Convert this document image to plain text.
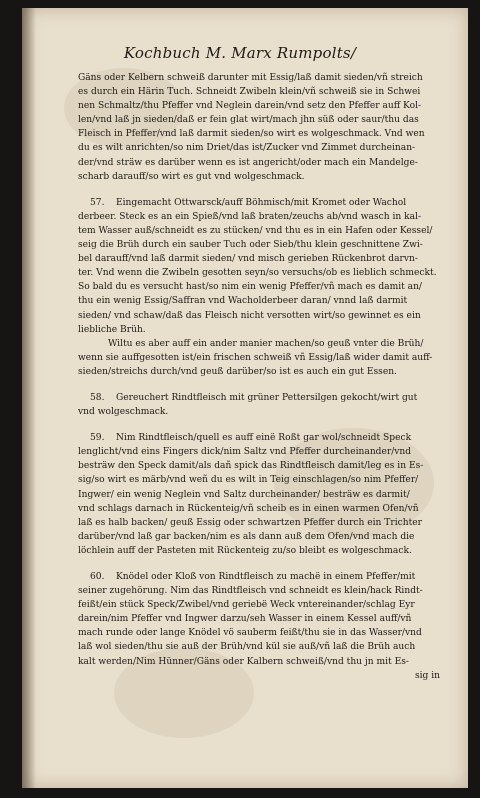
Kochbuch M. Marx Rumpolts/
Gäns oder Kelbern schweiß darunter mit Essig/laß damit sieden/vñ streich
es durch ein Härin Tuch. Schneidt Zwibeln klein/vñ schweiß sie in Schwei
nen Schmaltz/thu Pfeffer vnd Neglein darein/vnd setz den Pfeffer auff Kol-
len/vnd laß jn sieden/daß er fein glat wirt/mach jhn süß oder saur/thu das
Fleisch in Pfeffer/vnd laß darmit sieden/so wirt es wolgeschmack. Vnd wen
du es wilt anrichten/so nim Driet/das ist/Zucker vnd Zimmet durcheinan-
der/vnd sträw es darüber wenn es ist angericht/oder mach ein Mandelge-
scharb darauff/so wirt es gut vnd wolgeschmack.
57. Eingemacht Ottwarsck/auff Böhmisch/mit Kromet oder Wachol
derbeer. Steck es an ein Spieß/vnd laß braten/zeuchs ab/vnd wasch in kal-
tem Wasser auß/schneidt es zu stücken/ vnd thu es in ein Hafen oder Kessel/
seig die Brüh durch ein sauber Tuch oder Sieb/thu klein geschnittene Zwi-
bel darauff/vnd laß darmit sieden/ vnd misch gerieben Rückenbrot darvn-
ter. Vnd wenn die Zwibeln gesotten seyn/so versuchs/ob es lieblich schmeckt.
So bald du es versucht hast/so nim ein wenig Pfeffer/vñ mach es damit an/
thu ein wenig Essig/Saffran vnd Wacholderbeer daran/ vnnd laß darmit
sieden/ vnd schaw/daß das Fleisch nicht versotten wirt/so gewinnet es ein
liebliche Brüh.
Wiltu es aber auff ein ander manier machen/so geuß vnter die Brüh/
wenn sie auffgesotten ist/ein frischen schweiß vñ Essig/laß wider damit auff-
sieden/streichs durch/vnd geuß darüber/so ist es auch ein gut Essen.
58. Gereuchert Rindtfleisch mit grüner Pettersilgen gekocht/wirt gut
vnd wolgeschmack.
59. Nim Rindtfleisch/quell es auff einë Roßt gar wol/schneidt Speck
lenglicht/vnd eins Fingers dick/nim Saltz vnd Pfeffer durcheinander/vnd
besträw den Speck damit/als dañ spick das Rindtfleisch damit/leg es in Es-
sig/so wirt es märb/vnd weñ du es wilt in Teig einschlagen/so nim Pfeffer/
Ingwer/ ein wenig Neglein vnd Saltz durcheinander/ besträw es darmit/
vnd schlags darnach in Rückenteig/vñ scheib es in einen warmen Ofen/vñ
laß es halb backen/ geuß Essig oder schwartzen Pfeffer durch ein Trichter
darüber/vnd laß gar backen/nim es als dann auß dem Ofen/vnd mach die
löchlein auff der Pasteten mit Rückenteig zu/so bleibt es wolgeschmack.
60. Knödel oder Kloß von Rindtfleisch zu machë in einem Pfeffer/mit
seiner zugehörung. Nim das Rindtfleisch vnd schneidt es klein/hack Rindt-
feißt/ein stück Speck/Zwibel/vnd geriebë Weck vntereinander/schlag Eyr
darein/nim Pfeffer vnd Ingwer darzu/seh Wasser in einem Kessel auff/vñ
mach runde oder lange Knödel vö sauberm feißt/thu sie in das Wasser/vnd
laß wol sieden/thu sie auß der Brüh/vnd kül sie auß/vñ laß die Brüh auch
kalt werden/Nim Hünner/Gäns oder Kalbern schweiß/vnd thu jn mit Es-
sig in
